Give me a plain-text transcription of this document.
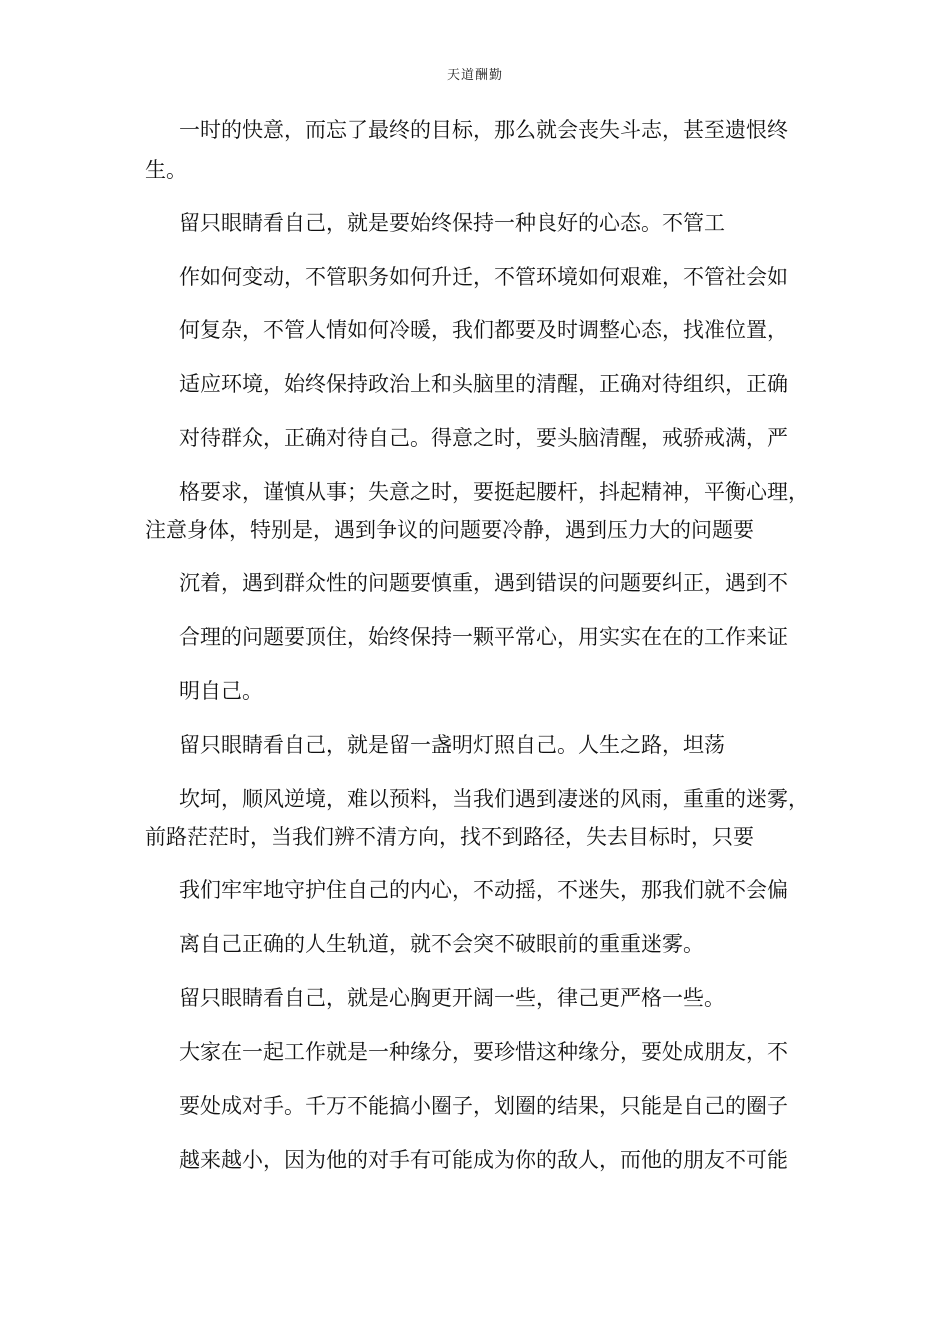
天道酬勤
一时的快意，而忘了最终的目标，那么就会丧失斗志，甚至遗恨终
生。
留只眼睛看自己，就是要始终保持一种良好的心态。不管工
作如何变动，不管职务如何升迁，不管环境如何艰难，不管社会如
何复杂，不管人情如何冷暖，我们都要及时调整心态，找准位置，
适应环境，始终保持政治上和头脑里的清醒，正确对待组织，正确
对待群众，正确对待自己。得意之时，要头脑清醒，戒骄戒满，严
格要求，谨慎从事；失意之时，要挺起腰杆，抖起精神，平衡心理，
注意身体，特别是，遇到争议的问题要冷静，遇到压力大的问题要
沉着，遇到群众性的问题要慎重，遇到错误的问题要纠正，遇到不
合理的问题要顶住，始终保持一颗平常心，用实实在在的工作来证
明自己。
留只眼睛看自己，就是留一盏明灯照自己。人生之路，坦荡
坎坷，顺风逆境，难以预料，当我们遇到凄迷的风雨，重重的迷雾，
前路茫茫时，当我们辨不清方向，找不到路径，失去目标时，只要
我们牢牢地守护住自己的内心，不动摇，不迷失，那我们就不会偏
离自己正确的人生轨道，就不会突不破眼前的重重迷雾。
留只眼睛看自己，就是心胸更开阔一些，律己更严格一些。
大家在一起工作就是一种缘分，要珍惜这种缘分，要处成朋友，不
要处成对手。千万不能搞小圈子，划圈的结果，只能是自己的圈子
越来越小，因为他的对手有可能成为你的敌人，而他的朋友不可能
